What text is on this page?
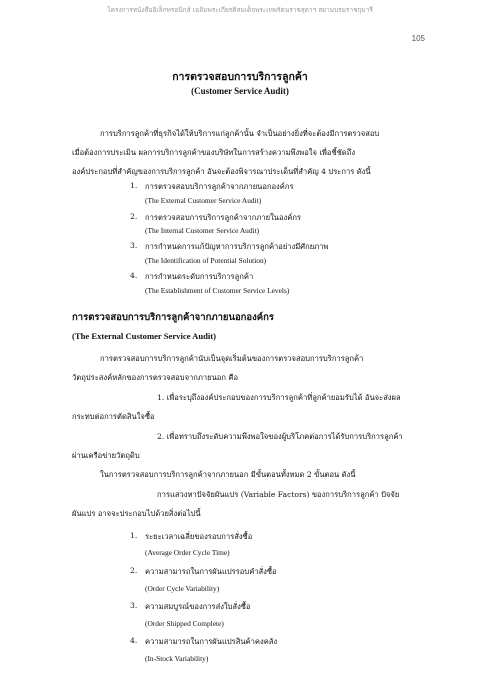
โครงการหนังสืออิเล็กทรอนิกส์ เฉลิมพระเกียรติสมเด็จพระเทพรัตนราชสุดาฯ สยามบรมราชกุมารี
105
การตรวจสอบการบริการลูกค้า
(Customer Service Audit)
การบริการลูกค้าที่ธุรกิจได้ให้บริการแก่ลูกค้านั้น จำเป็นอย่างยิ่งที่จะต้องมีการตรวจสอบ
เมื่อต้องการประเมิน ผลการบริการลูกค้าของบริษัทในการสร้างความพึงพอใจ เพื่อชี้ชัดถึง
องค์ประกอบที่สำคัญของการบริการลูกค้า อันจะต้องพิจารณาประเด็นที่สำคัญ 4 ประการ ดังนี้
1. การตรวจสอบบริการลูกค้าจากภายนอกองค์กร
(The External Customer Service Audit)
2. การตรวจสอบการบริการลูกค้าจากภายในองค์กร
(The Internal Customer Service Audit)
3. การกำหนดการแก้ปัญหาการบริการลูกค้าอย่างมีศักยภาพ
(The Identification of Potential Solution)
4. การกำหนดระดับการบริการลูกค้า
(The Establishment of Customer Service Levels)
การตรวจสอบการบริการลูกค้าจากภายนอกองค์กร
(The External Customer Service Audit)
การตรวจสอบการบริการลูกค้านับเป็นจุดเริ่มต้นของการตรวจสอบการบริการลูกค้า
วัตถุประสงค์หลักของการตรวจสอบจากภายนอก คือ
1. เพื่อระบุถึงองค์ประกอบของการบริการลูกค้าที่ลูกค้ายอมรับได้ อันจะส่งผล
กระทบต่อการตัดสินใจซื้อ
2. เพื่อทราบถึงระดับความพึงพอใจของผู้บริโภคต่อการได้รับการบริการลูกค้า
ผ่านเครือข่ายวัตถุดิบ
ในการตรวจสอบการบริการลูกค้าจากภายนอก มีขั้นตอนทั้งหมด 2 ขั้นตอน ดังนี้
การแสวงหาปัจจัยผันแปร (Variable Factors) ของการบริการลูกค้า ปัจจัย
ผันแปร อาจจะประกอบไปด้วยสิ่งต่อไปนี้
1. ระยะเวลาเฉลี่ยของรอบการสั่งซื้อ
(Average Order Cycle Time)
2. ความสามารถในการผันแปรรอบคำสั่งซื้อ
(Order Cycle Variability)
3. ความสมบูรณ์ของการส่งใบสั่งซื้อ
(Order Shipped Complete)
4. ความสามารถในการผันแปรสินค้าคงคลัง
(In-Stock Variability)
